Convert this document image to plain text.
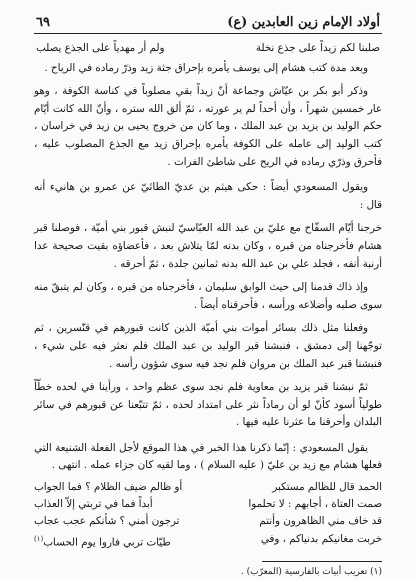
أولاد الإمام زين العابدين (ع)
٦٩
صلبنا لكم زيداً على جذع نخلة
ولم أر مهدياً على الجذع يصلب

وبعد مدة كتب هشام إلى يوسف يأمره بإحراق جثة زيد وذرّ رماده في الرياح .

وذكر أبو بكر بن عيّاش وجماعة أنّ زيداً بقي مصلوباً في كناسة الكوفة ، وهو عار خمسين شهراً ، وأن أحداً لم ير عورته ، ثمّ ألق الله ستره ، وأنّ الله كانت أيّام حكم الوليد بن يزيد بن عبد الملك ، وما كان من خروج يحيى بن زيد في خراسان ، كتب الوليد إلى عامله على الكوفة يأمره بإحراق زيد مع الجذع المصلوب عليه ، فأحرق وذرّي رماده في الريح على شاطئ الفرات .

ويقول المسعودي أيضاً : حكى هيثم بن عديّ الطائيّ عن عمرو بن هانيء أنه قال :

خرجنا أيّام السفّاح مع عليّ بن عبد الله العبّاسيّ لنبش قبور بني أميّة ، فوصلنا قبر هشام فأخرجناه من قبره ، وكان بدنه لمّا يتلاش بعد ، فأعضاؤه بقيت صحيحة عدا أرنبة أنفه ، فجلد علي بن عبد الله بدنه ثمانين جلدة ، ثمّ أحرقه .

وإذ ذاك قدمنا إلى حيث الوابق سليمان ، فأخرجناه من قبره ، وكان لم يتبقّ منه سوى صلبه وأضلاعه ورأسه ، فأحرقناه أيضاً .

وفعلنا مثل ذلك بسائر أموات بني أميّة الذين كانت قبورهم في قنّسرين ، ثم توجّهنا إلى دمشق ، فنبشنا قبر الوليد بن عبد الملك فلم نعثر فيه على شيء ، فنبشنا قبر عبد الملك بن مروان فلم نجد فيه سوى شؤون رأسه .

ثمّ نبشنا قبر يزيد بن معاوية فلم نجد سوى عظم واحد ، ورأينا في لحده خطّاً طولياً أسود كأنّ لو أن رماداً نثر على امتداد لحده ، ثمّ تتبّعنا عن قبورهم في سائر البلدان وأحرقنا ما عثرنا عليه فيها .

يقول المسعودي : إنّما ذكرنا هذا الخبر في هذا الموقع لأجل الفعلة الشنيعة التي فعلها هشام مع زيد بن عليّ ( عليه السلام ) ، وما لقيه كان جزاء عمله . انتهى .

الحمد قال للظالم مستكبر
أو ظالم ضيف الظلام ؟ فما الجواب
صمت العتاة ، أجابهم : لا تحلموا
أبداً فما في تربتي إلاّ العذاب
قد خاف مني الظاهرون وأنتم
ترجون أمني ؟ شأنكم عجب عجاب
خربت مغانيكم بدنياكم ، وفي
طيّات تربي فاروا يوم الحساب$^{(١)}$
(١) تعريب أبيات بالفارسية (المعرّب) .
